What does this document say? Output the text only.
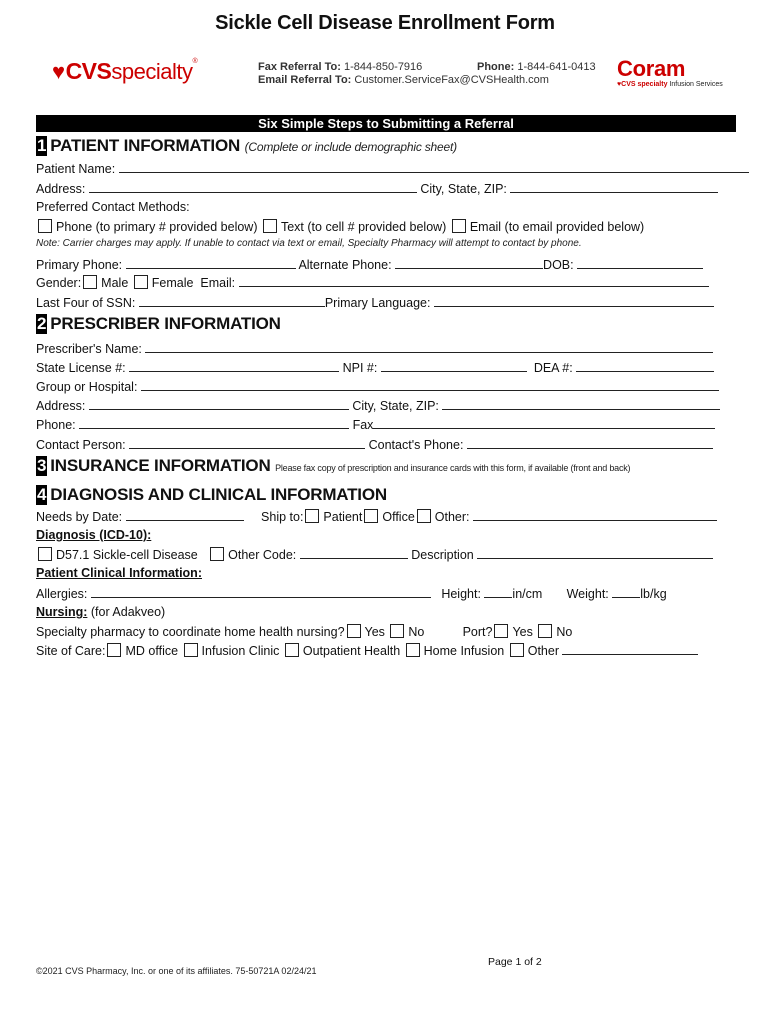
Sickle Cell Disease Enrollment Form
♥CVSspecialty®	Fax Referral To: 1-844-850-7916	Phone: 1-844-641-0413
Email Referral To: Customer.ServiceFax@CVSHealth.com	Coram
♥CVS specialty Infusion Services
Six Simple Steps to Submitting a Referral
1 PATIENT INFORMATION (Complete or include demographic sheet)
Patient Name:
Address:	City, State, ZIP:
Preferred Contact Methods:
Phone (to primary # provided below) Text (to cell # provided below) Email (to email provided below)
Note: Carrier charges may apply. If unable to contact via text or email, Specialty Pharmacy will attempt to contact by phone.
Primary Phone:	Alternate Phone:	DOB:
Gender: Male Female Email:
Last Four of SSN:	Primary Language:
2 PRESCRIBER INFORMATION
Prescriber's Name:
State License #:	NPI #:	DEA #:
Group or Hospital:
Address:	City, State, ZIP:
Phone:	Fax
Contact Person:	Contact's Phone:
3 INSURANCE INFORMATION Please fax copy of prescription and insurance cards with this form, if available (front and back)
4 DIAGNOSIS AND CLINICAL INFORMATION
Needs by Date:	Ship to: Patient Office Other:
Diagnosis (ICD-10):
D57.1 Sickle-cell Disease Other Code:	Description
Patient Clinical Information:
Allergies:	Height:	in/cm Weight:	lb/kg
Nursing: (for Adakveo)
Specialty pharmacy to coordinate home health nursing? Yes No	Port? Yes No
Site of Care: MD office Infusion Clinic Outpatient Health Home Infusion Other
Page 1 of 2
©2021 CVS Pharmacy, Inc. or one of its affiliates. 75-50721A 02/24/21
